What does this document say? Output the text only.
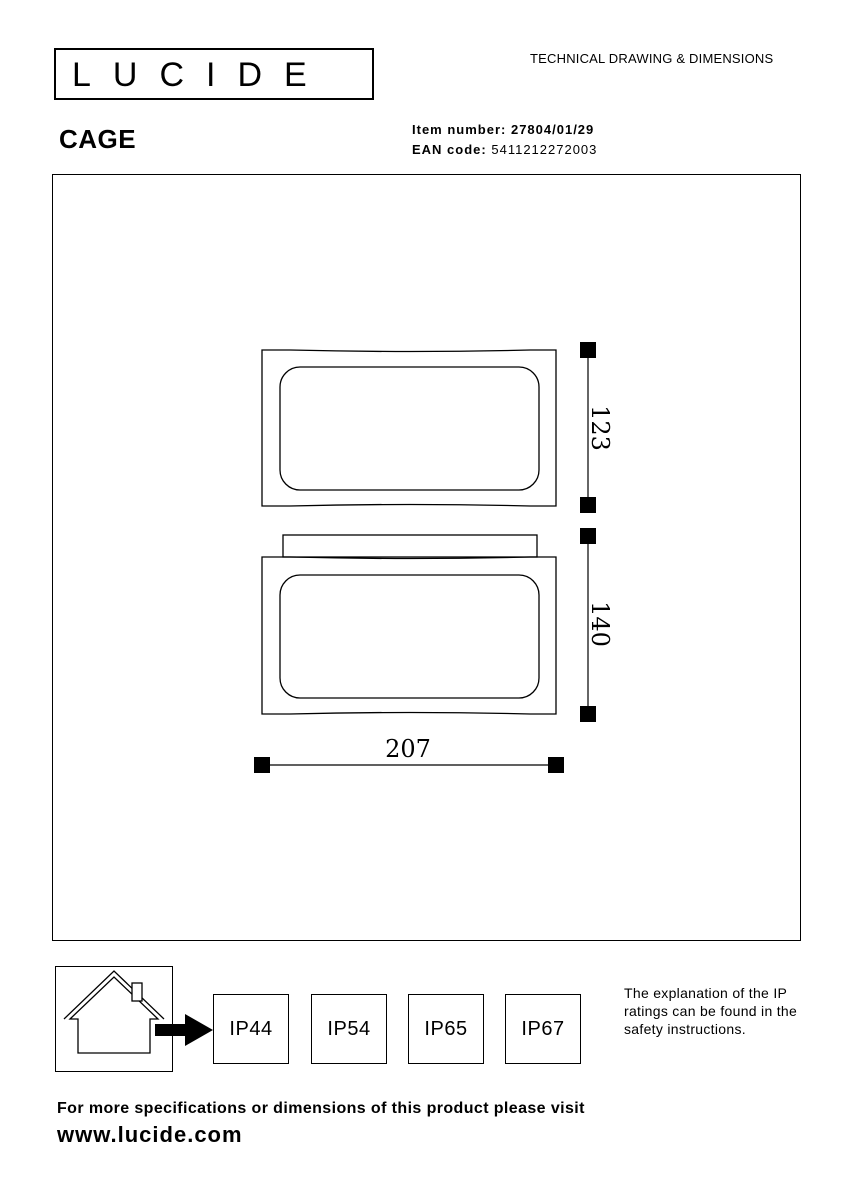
LUCIDE	TECHNICAL DRAWING & DIMENSIONS
CAGE	Item number: 27804/01/29
EAN code: 5411212272003
123
140
207
IP44	IP54	IP65	IP67
The explanation of the IP ratings can be found in the safety instructions.
For more specifications or dimensions of this product please visit
www.lucide.com
